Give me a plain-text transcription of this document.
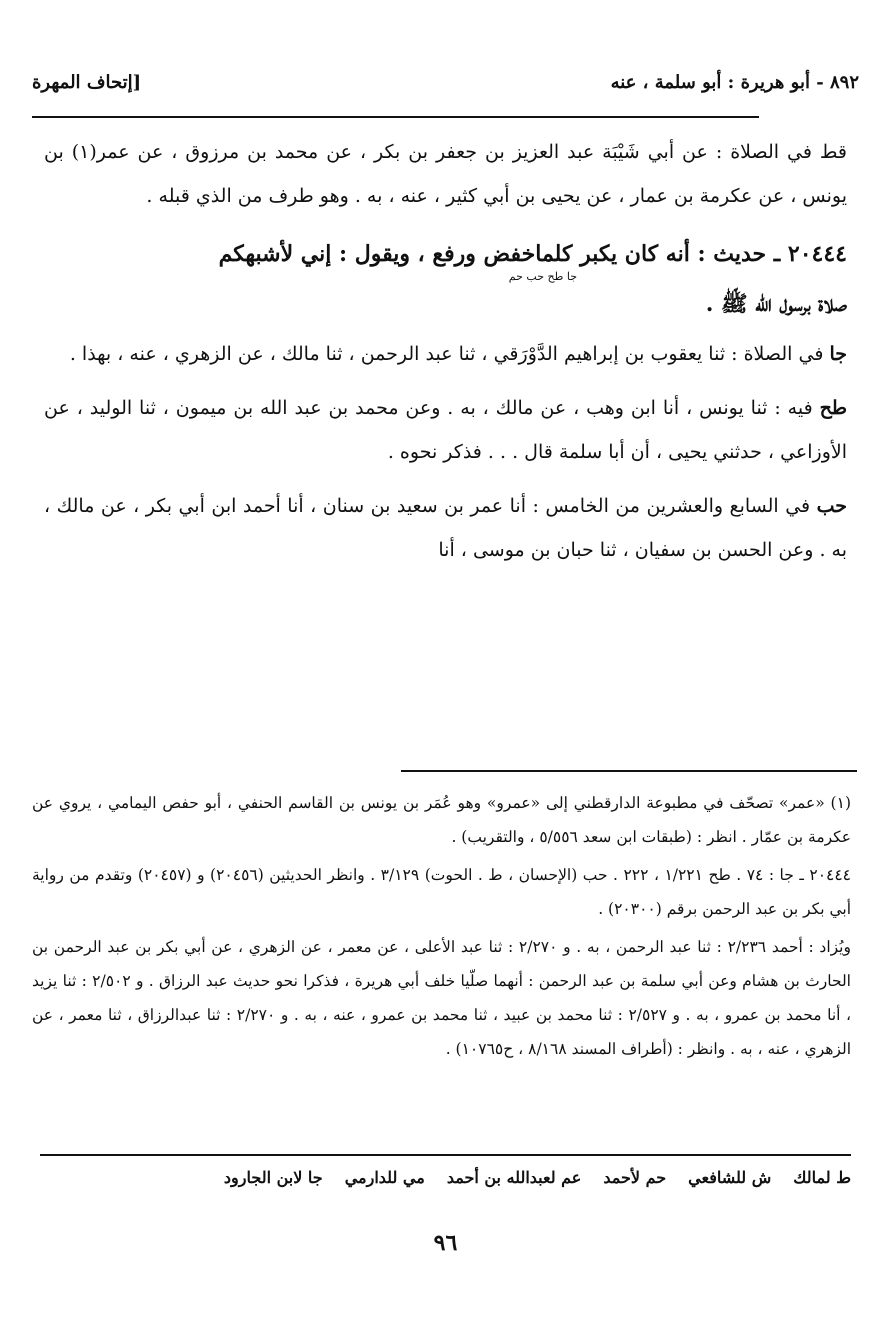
[إتحاف المهرة	٨٩٢ - أبو هريرة : أبو سلمة ، عنه

قط في الصلاة : عن أبي شَيْبَة عبد العزيز بن جعفر بن بكر ، عن محمد بن مرزوق ، عن عمر(١) بن يونس ، عن عكرمة بن عمار ، عن يحيى بن أبي كثير ، عنه ، به . وهو طرف من الذي قبله .

٢٠٤٤٤ ـ حديث : أنه كان يكبر كلماخفض ورفع ، ويقول : إني لأشبهكم
جا طح حب حم
صلاة برسول الله ﷺ .

جا في الصلاة : ثنا يعقوب بن إبراهيم الدَّوْرَقي ، ثنا عبد الرحمن ، ثنا مالك ، عن الزهري ، عنه ، بهذا .

طح فيه : ثنا يونس ، أنا ابن وهب ، عن مالك ، به . وعن محمد بن عبد الله بن ميمون ، ثنا الوليد ، عن الأوزاعي ، حدثني يحيى ، أن أبا سلمة قال . . . فذكر نحوه .

حب في السابع والعشرين من الخامس : أنا عمر بن سعيد بن سنان ، أنا أحمد ابن أبي بكر ، عن مالك ، به . وعن الحسن بن سفيان ، ثنا حبان بن موسى ، أنا

(١) «عمر» تصحّف في مطبوعة الدارقطني إلى «عمرو» وهو عُمَر بن يونس بن القاسم الحنفي ، أبو حفص اليمامي ، يروي عن عكرمة بن عمّار . انظر : (طبقات ابن سعد ٥/٥٥٦ ، والتقريب) .

٢٠٤٤٤ ـ جا : ٧٤ . طح ١/٢٢١ ، ٢٢٢ . حب (الإحسان ، ط . الحوت) ٣/١٢٩ . وانظر الحديثين (٢٠٤٥٦) و (٢٠٤٥٧) وتقدم من رواية أبي بكر بن عبد الرحمن برقم (٢٠٣٠٠) .

ويُزاد : أحمد ٢/٢٣٦ : ثنا عبد الرحمن ، به . و ٢/٢٧٠ : ثنا عبد الأعلى ، عن معمر ، عن الزهري ، عن أبي بكر بن عبد الرحمن بن الحارث بن هشام وعن أبي سلمة بن عبد الرحمن : أنهما صلّيا خلف أبي هريرة ، فذكرا نحو حديث عبد الرزاق . و ٢/٥٠٢ : ثنا يزيد ، أنا محمد بن عمرو ، به . و ٢/٥٢٧ : ثنا محمد بن عبيد ، ثنا محمد بن عمرو ، عنه ، به . و ٢/٢٧٠ : ثنا عبدالرزاق ، ثنا معمر ، عن الزهري ، عنه ، به . وانظر : (أطراف المسند ٨/١٦٨ ، ح١٠٧٦٥) .

ط لمالك
ش للشافعي
حم لأحمد
عم لعبدالله بن أحمد
مي للدارمي
جا لابن الجارود
٩٦
